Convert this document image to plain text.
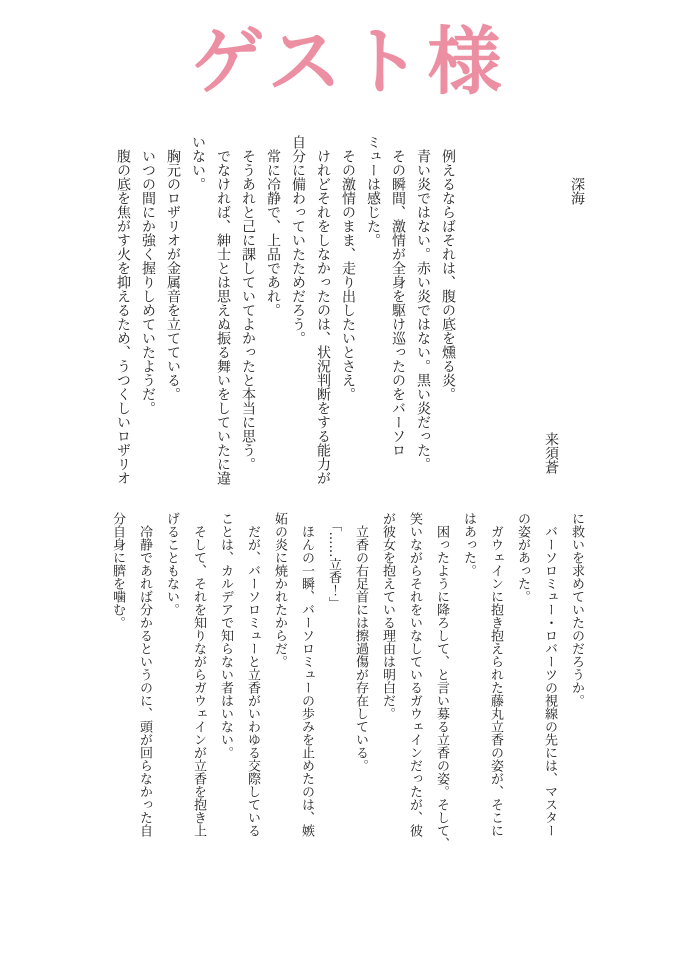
ゲスト様
深海
来須蒼
　例えるならばそれは、腹の底を燻る炎。
　青い炎ではない。赤い炎ではない。黒い炎だった。
　その瞬間、激情が全身を駆け巡ったのをバーソロ
ミューは感じた。
　その激情のまま、走り出したいとさえ。
　けれどそれをしなかったのは、状況判断をする能力が
自分に備わっていたためだろう。
　常に冷静で、上品であれ。
　そうあれと己に課していてよかったと本当に思う。
　でなければ、紳士とは思えぬ振る舞いをしていたに違
いない。
　胸元のロザリオが金属音を立てている。
　いつの間にか強く握りしめていたようだ。
　腹の底を焦がす火を抑えるため、うつくしいロザリオ
に救いを求めていたのだろうか。
　バーソロミュー・ロバーツの視線の先には、マスター
の姿があった。
　ガウェインに抱き抱えられた藤丸立香の姿が、そこに
はあった。
　困ったように降ろして、と言い募る立香の姿。そして、
笑いながらそれをいなしているガウェインだったが、彼
が彼女を抱えている理由は明白だ。
　立香の右足首には擦過傷が存在している。
　「……立香！」
　ほんの一瞬、バーソロミューの歩みを止めたのは、嫉
妬の炎に焼かれたからだ。
　だが、バーソロミューと立香がいわゆる交際している
ことは、カルデアで知らない者はいない。
　そして、それを知りながらガウェインが立香を抱き上
げることもない。
　冷静であれば分かるというのに、頭が回らなかった自
分自身に臍を噛む。
